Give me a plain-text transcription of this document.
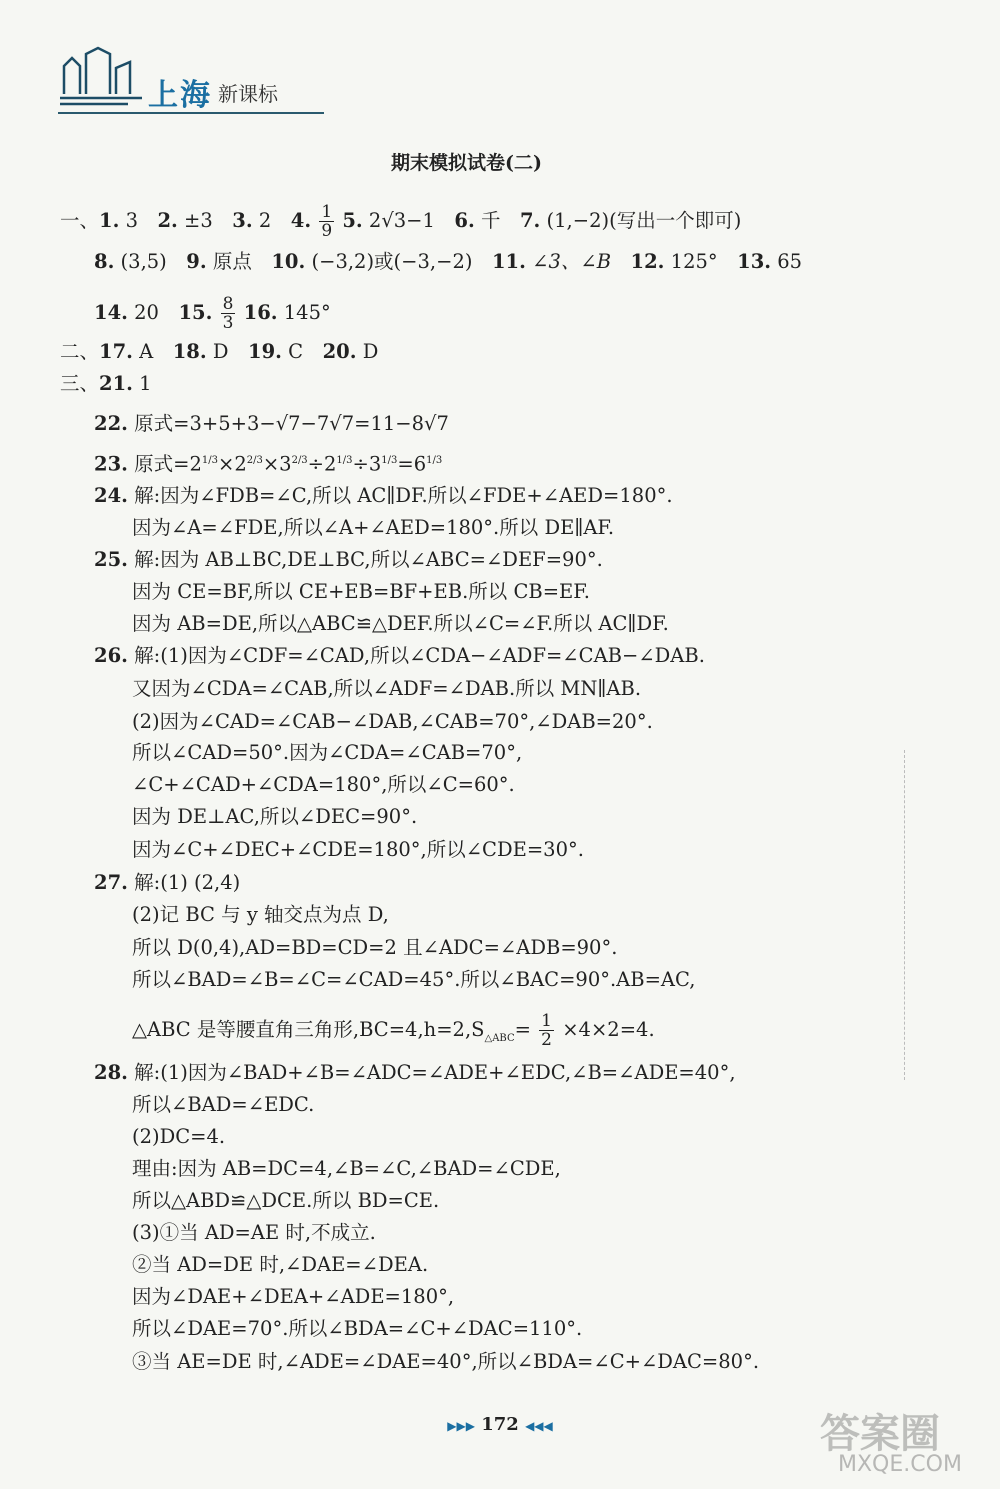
上海 新课标
期末模拟试卷(二)
一、1. 3　2. ±3　3. 2　4. $\frac{1}{9} 5$. 2√3−1　6. 千　7. (1,−2)(写出一个即可)
8. (3,5)　9. 原点　10. (−3,2)或(−3,−2)　11. ∠3、∠B　12. 125°　13. 65
14. 20　15. $\frac{8}{3} 16$. 145°
二、17. A　18. D　19. C　20. D
三、21. 1
22. 原式=3+5+3−√7−7√7=11−8√7
23. 原式$=2^{1/3}\times 2^{2/3}\times 3^{2/3}\div 2^{1/3}\div 3^{1/3}=6^{1/3}$
24. 解:因为∠FDB=∠C,所以 AC∥DF.所以∠FDE+∠AED=180°.
因为∠A=∠FDE,所以∠A+∠AED=180°.所以 DE∥AF.
25. 解:因为 AB⊥BC,DE⊥BC,所以∠ABC=∠DEF=90°.
因为 CE=BF,所以 CE+EB=BF+EB.所以 CB=EF.
因为 AB=DE,所以△ABC≌△DEF.所以∠C=∠F.所以 AC∥DF.
26. 解:(1)因为∠CDF=∠CAD,所以∠CDA−∠ADF=∠CAB−∠DAB.
又因为∠CDA=∠CAB,所以∠ADF=∠DAB.所以 MN∥AB.
(2)因为∠CAD=∠CAB−∠DAB,∠CAB=70°,∠DAB=20°.
所以∠CAD=50°.因为∠CDA=∠CAB=70°,
∠C+∠CAD+∠CDA=180°,所以∠C=60°.
因为 DE⊥AC,所以∠DEC=90°.
因为∠C+∠DEC+∠CDE=180°,所以∠CDE=30°.
27. 解:(1) (2,4)
(2)记 BC 与 y 轴交点为点 D,
所以 D(0,4),AD=BD=CD=2 且∠ADC=∠ADB=90°.
所以∠BAD=∠B=∠C=∠CAD=45°.所以∠BAC=90°.AB=AC,
△ABC 是等腰直角三角形$,BC=4,h=2,S_{\triangle ABC}= \frac{1}{2} \times 4\times 2=4$.
28. 解:(1)因为∠BAD+∠B=∠ADC=∠ADE+∠EDC,∠B=∠ADE=40°,
所以∠BAD=∠EDC.
(2)DC=4.
理由:因为 AB=DC=4,∠B=∠C,∠BAD=∠CDE,
所以△ABD≌△DCE.所以 BD=CE.
(3)①当 AD=AE 时,不成立.
②当 AD=DE 时,∠DAE=∠DEA.
因为∠DAE+∠DEA+∠ADE=180°,
所以∠DAE=70°.所以∠BDA=∠C+∠DAC=110°.
③当 AE=DE 时,∠ADE=∠DAE=40°,所以∠BDA=∠C+∠DAC=80°.
▶▶▶ 172 ◀◀◀	答案圈
MXQE.COM
